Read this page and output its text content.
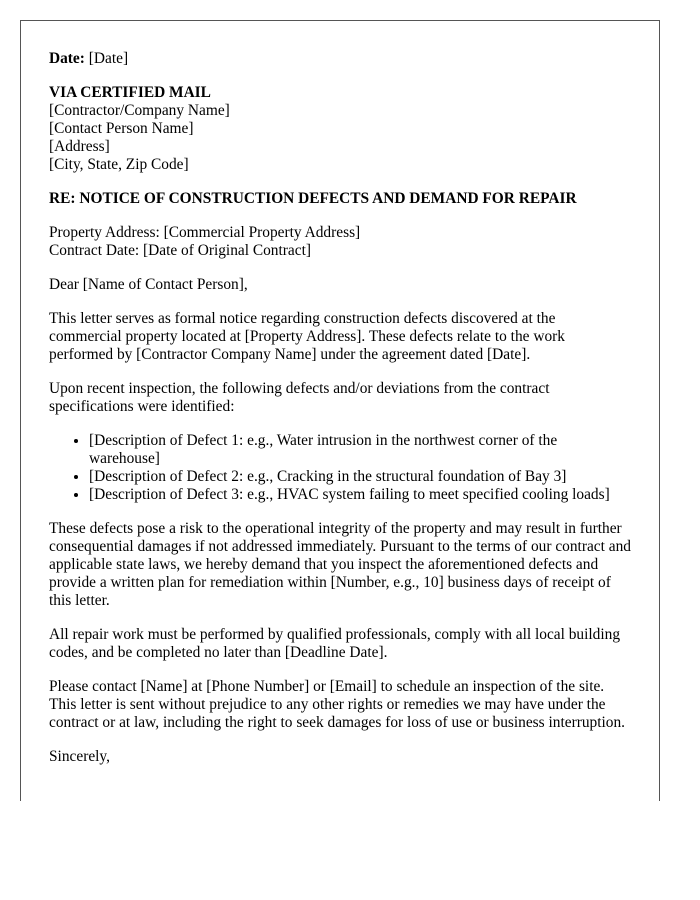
Date: [Date]
VIA CERTIFIED MAIL
[Contractor/Company Name]
[Contact Person Name]
[Address]
[City, State, Zip Code]
RE: NOTICE OF CONSTRUCTION DEFECTS AND DEMAND FOR REPAIR
Property Address: [Commercial Property Address]
Contract Date: [Date of Original Contract]

Dear [Name of Contact Person],

This letter serves as formal notice regarding construction defects discovered at the commercial property located at [Property Address]. These defects relate to the work performed by [Contractor Company Name] under the agreement dated [Date].

Upon recent inspection, the following defects and/or deviations from the contract specifications were identified:

• [Description of Defect 1: e.g., Water intrusion in the northwest corner of the warehouse]
• [Description of Defect 2: e.g., Cracking in the structural foundation of Bay 3]
• [Description of Defect 3: e.g., HVAC system failing to meet specified cooling loads]

These defects pose a risk to the operational integrity of the property and may result in further consequential damages if not addressed immediately. Pursuant to the terms of our contract and applicable state laws, we hereby demand that you inspect the aforementioned defects and provide a written plan for remediation within [Number, e.g., 10] business days of receipt of this letter.

All repair work must be performed by qualified professionals, comply with all local building codes, and be completed no later than [Deadline Date].

Please contact [Name] at [Phone Number] or [Email] to schedule an inspection of the site. This letter is sent without prejudice to any other rights or remedies we may have under the contract or at law, including the right to seek damages for loss of use or business interruption.

Sincerely,
